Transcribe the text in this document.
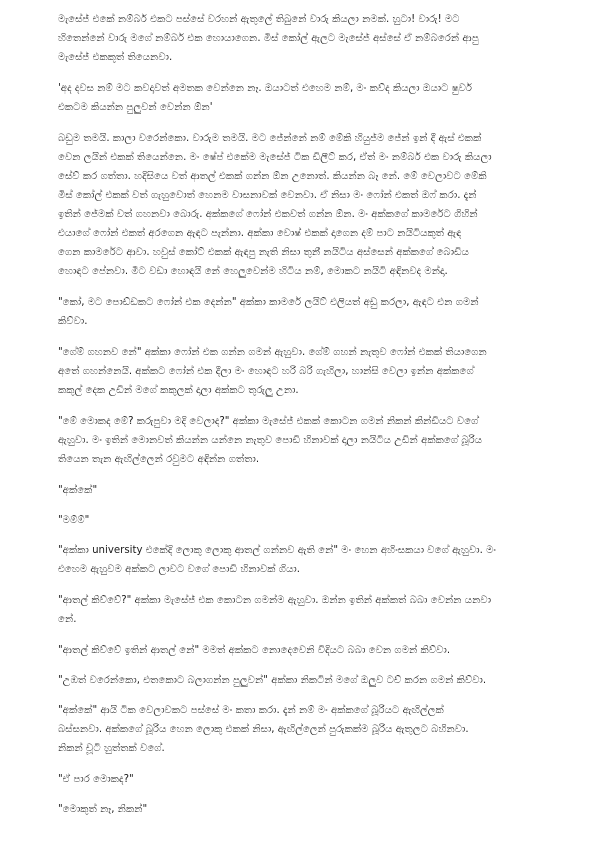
මැසේජ් එකේ නම්බර් එකට පස්සේ වරහන් ඇතුලේ තිබුනේ වාරු කියලා නමක්. හුටා! වාරු! මට
හිතෙන්නේ වාරු මගේ නම්බර් එක හොයාගෙන. මිස් කෝල් ඇලට මැසේජ් අස්සේ ඒ නම්බරෙන් ආපු
මැසේජ් එකකුත් තියෙනවා.

'අද දවස නම් මට කවදාවත් අමතක වෙන්නෙ නෑ. ඔයාටත් එහෙම නම්, මං කව්ද කියලා ඔයාට ෂුවර්
එකටම කියන්න පුලුවන් වෙන්න ඕන'

බඩුම තමයි. කාලා වරෙන්කො. වාරුම තමයි. මට ජේන්නේ නම් මේකි හියුජ්ම ජේන් ඉන් දී ඇස් එකක්
වෙන ලයින් එකක් තියෙන්නෙ. මං ෂේප් එකේම මැසේජ් ටික ඩිලීට් කර, ඒත් මං නම්බර් එක වාරු කියලා
සේව් කර ගත්තා. හදිසියෙ වත් ආතල් එකක් ගන්න ඕන උනොත්. කියන්න බෑ නේ. මේ වෙලාවට මේකි
මිස් කෝල් එකක් වත් ගැහුවොත් හෙනම වාසනාවක් වෙනවා. ඒ නිසා මං ෆෝන් එකත් ඔෆ් කරා. දැන්
ඉතින් ජේමක් වත් ගහනවා බොරු. අක්කගේ ෆෝන් එකවත් ගන්න ඕන. මං අක්කගේ කාමරේට ගිහින්
එයාගේ ෆෝන් එකත් අරගෙන ඇඳට පැන්නා. අක්කා වොෂ් එකක් දාගෙන දම් පාට නයිටියකුත් ඇඳ
ගෙන කාමරේට ආවා. හවුස් කෝට් එකක් ඇඳපු නැති නිසා තුනී නයිටිය අස්සෙන් අක්කගේ බොඩිය
හොඳට පේනවා. මීට වඩා හොඳයි නේ හෙලුවෙන්ම හිටිය නම්, මොකට නයිටි අඳිනවද මන්දා.

"කෝ, මට පොඩ්ඩකට ෆෝන් එක දෙන්න" අක්කා කාමරේ ලයිට් එලියත් අඩු කරලා, ඇඳට එන ගමන්
කිව්වා.

"ගේම් ගහනව නේ" අක්කා ෆෝන් එක ගන්න ගමන් ඇහුවා. ගේම් ගහන් නැතුව ෆෝන් එකක් තියාගෙන
අතේ ගහන්නෙයි. අක්කට ෆෝන් එක දීලා මං හොඳට හරි බරි ගැහිලා, හාන්සි වෙලා ඉන්න අක්කගේ
කකුල් දෙක උඩින් මගේ කකුලක් දාලා අක්කට තුරුලු උනා.

"මේ මොකද මේ? කරුපුවා මදි වෙලාද?" අක්කා මැසේජ් එකක් කොටන ගමන් නිකන් කින්ඩියට වගේ
ඇහුවා. මං ඉතින් මොනවත් කියන්න යන්නෙ නැතුව පොඩි හිනාවක් දාලා නයිටිය උඩින් අක්කගේ බූරිය
තියෙන තැන ඇඟිල්ලෙන් රවුමට අඳින්න ගත්තා.

"අක්කේ"

"මම්ම්"

"අක්කා university එකේදි ලොකු ලොකු ආතල් ගන්නව ඇති නේ" මං හෙන අහිංසකයා වගේ ඇහුවා. මං
එහෙම ඇහුවම අක්කට ලාවට වගේ පොඩි හිනාවක් ගියා.

"ආතල් කිව්වේ?" අක්කා මැසේජ් එක කොටන ගමන්ම ඇහුවා. ඔන්න ඉතින් අක්කත් බබා වෙන්න යනවා
නේ.

"ආතල් කිව්වේ ඉතින් ආතල් නේ" මමත් අක්කට නොදෙවෙනි විදියට බබා වෙන ගමන් කිව්වා.

"උඹත් වරෙන්කො, එතකොට බලාගන්න පුලුවන්" අක්කා නිකටින් මගේ ඔලුව ටච් කරන ගමන් කිව්වා.

"අක්කේ" ආයි ටික වෙලාවකට පස්සේ මං කතා කරා. දැන් නම් මං අක්කගේ බූරියට ඇඟිල්ලක්
බස්සනවා. අක්කගේ බූරිය හෙන ලොකු එකක් නිසා, ඇඟිල්ලෙන් පුරුකක්ම බූරිය ඇතුලට බහිනවා.
නිකන් චූටි හුත්තක් වගේ.

"ඒ පාර මොකද?"

"මොකුත් නෑ, නිකන්"
